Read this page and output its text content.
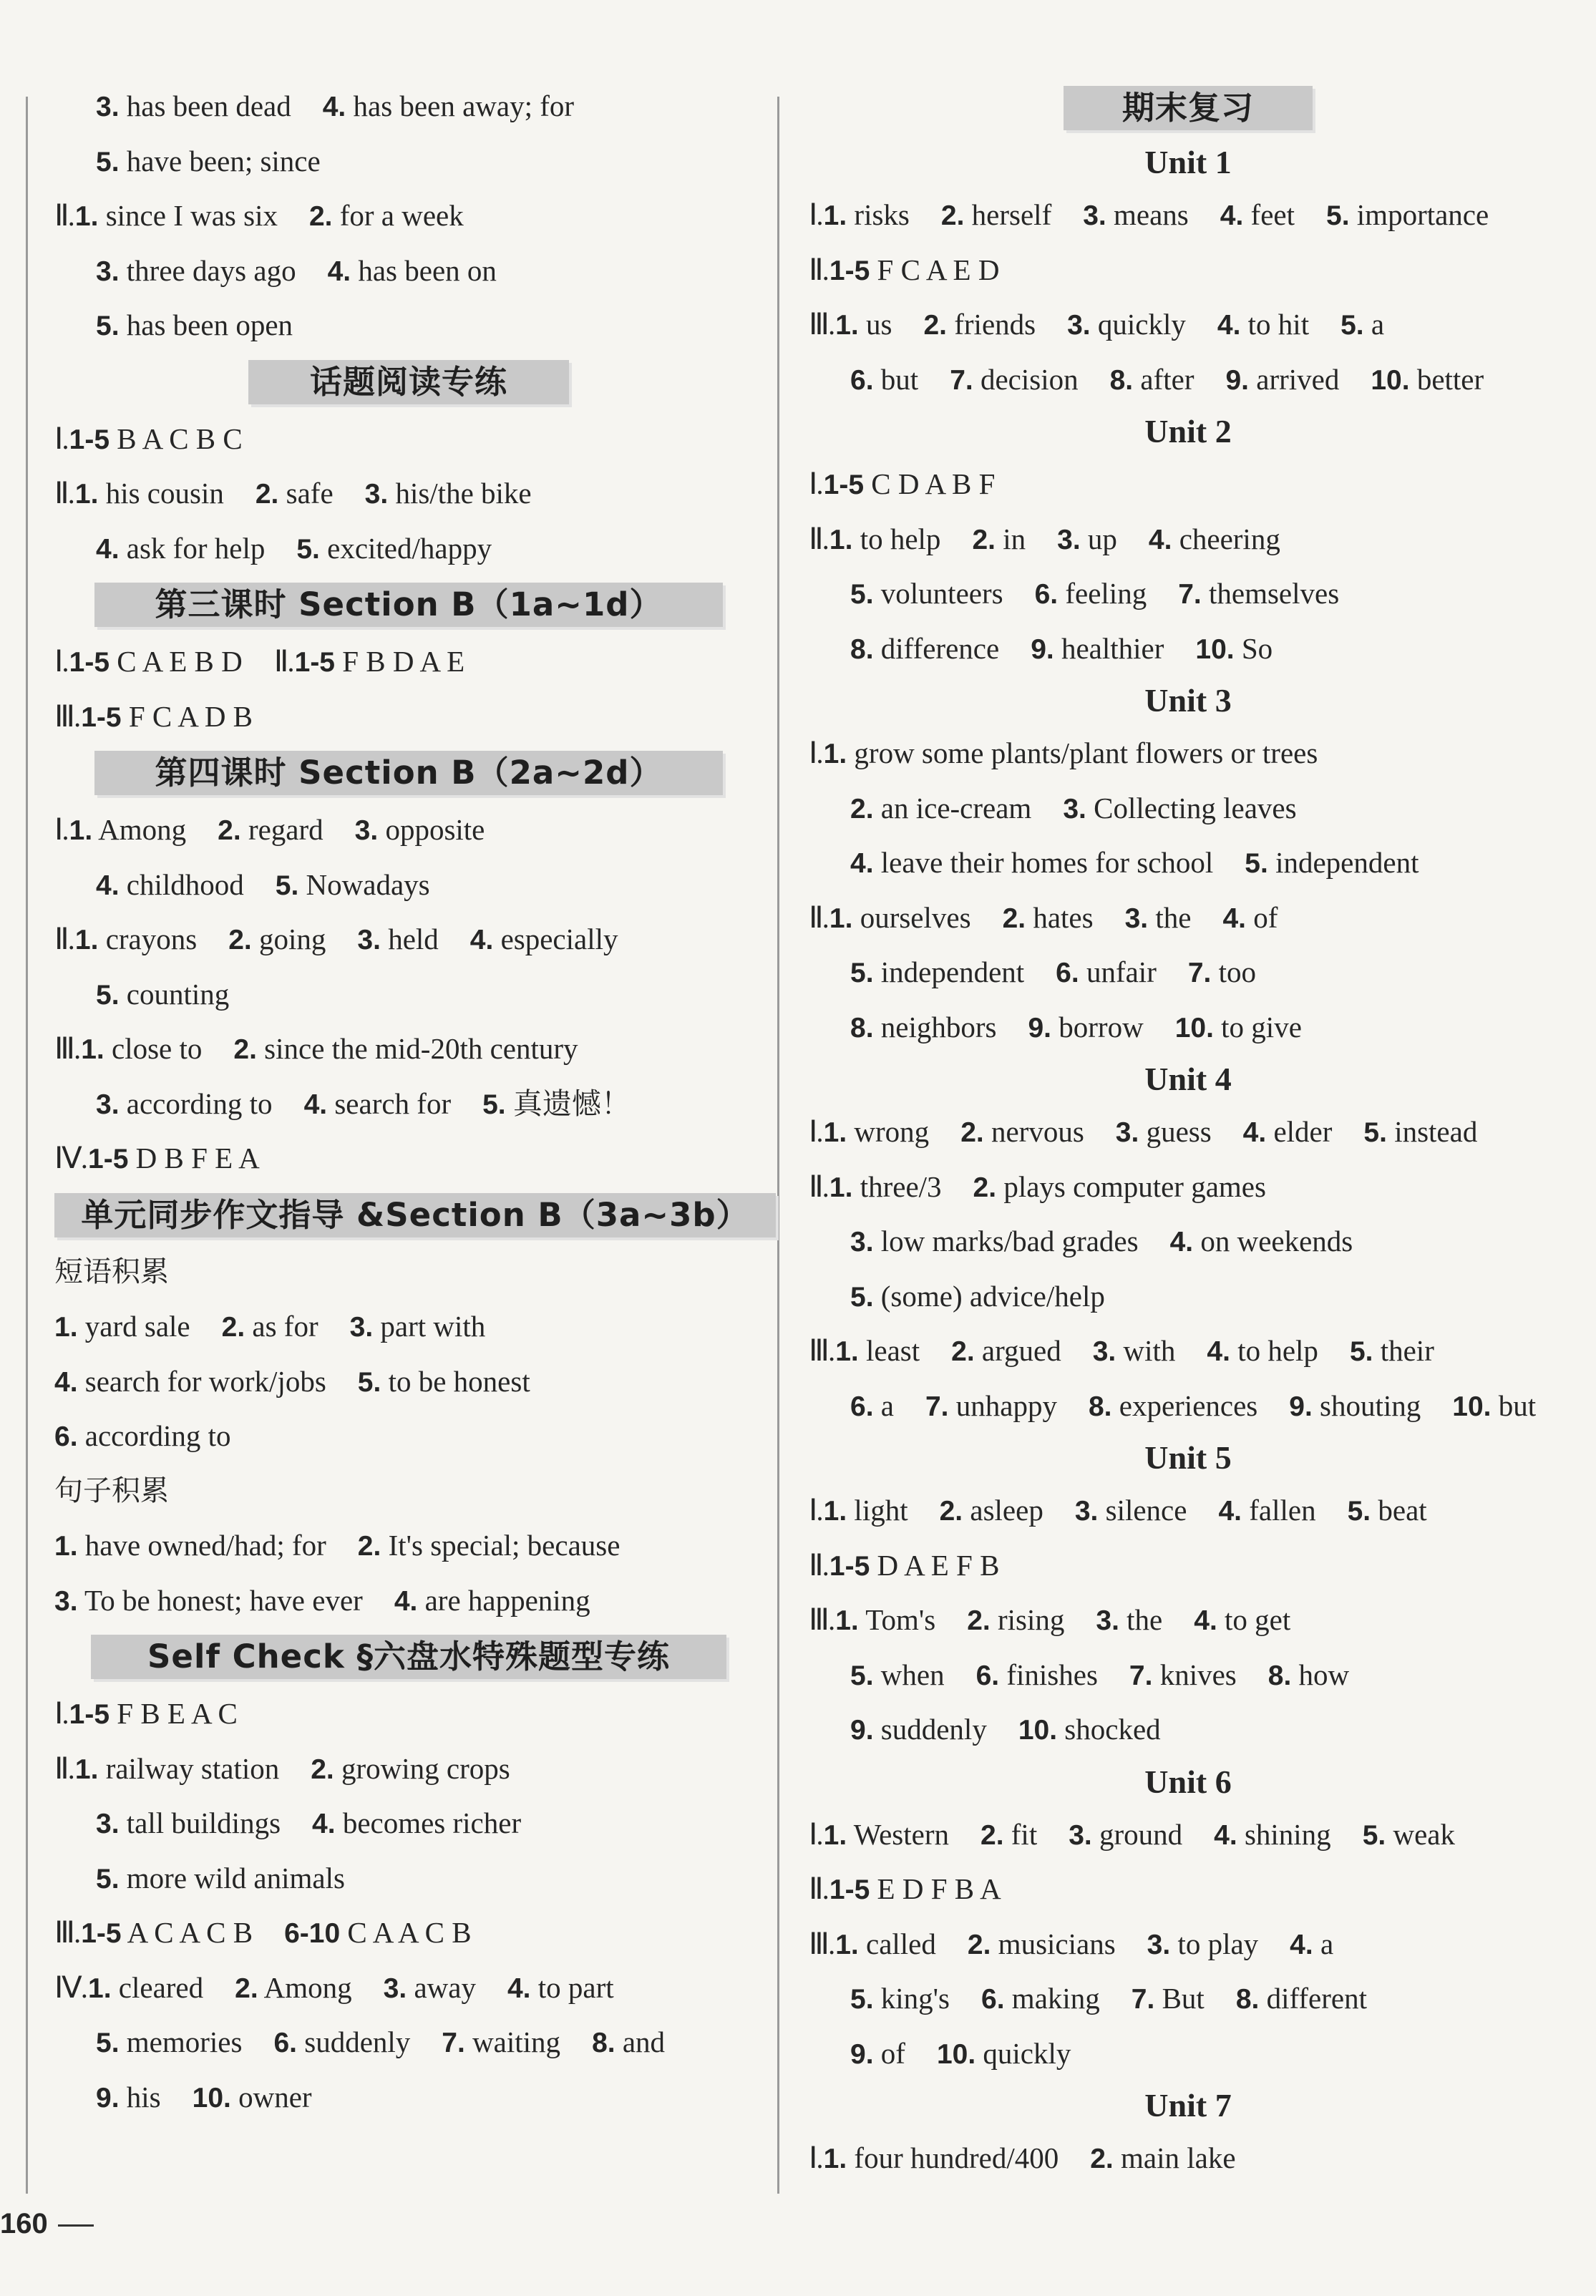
3. has been dead 4. has been away; for
5. have been; since
Ⅱ.1. since I was six 2. for a week
3. three days ago 4. has been on
5. has been open
话题阅读专练
Ⅰ.1-5 B A C B C
Ⅱ.1. his cousin 2. safe 3. his/the bike
4. ask for help 5. excited/happy
第三课时 Section B（1a~1d）
Ⅰ.1-5 C A E B D Ⅱ.1-5 F B D A E
Ⅲ.1-5 F C A D B
第四课时 Section B（2a~2d）
Ⅰ.1. Among 2. regard 3. opposite
4. childhood 5. Nowadays
Ⅱ.1. crayons 2. going 3. held 4. especially
5. counting
Ⅲ.1. close to 2. since the mid-20th century
3. according to 4. search for 5. 真遗憾！
Ⅳ.1-5 D B F E A
单元同步作文指导 &Section B（3a~3b）
短语积累
1. yard sale 2. as for 3. part with
4. search for work/jobs 5. to be honest
6. according to
句子积累
1. have owned/had; for 2. It's special; because
3. To be honest; have ever 4. are happening
Self Check §六盘水特殊题型专练
Ⅰ.1-5 F B E A C
Ⅱ.1. railway station 2. growing crops
3. tall buildings 4. becomes richer
5. more wild animals
Ⅲ.1-5 A C A C B 6-10 C A A C B
Ⅳ.1. cleared 2. Among 3. away 4. to part
5. memories 6. suddenly 7. waiting 8. and
9. his 10. owner
期末复习
Unit 1
Ⅰ.1. risks 2. herself 3. means 4. feet 5. importance
Ⅱ.1-5 F C A E D
Ⅲ.1. us 2. friends 3. quickly 4. to hit 5. a
6. but 7. decision 8. after 9. arrived 10. better
Unit 2
Ⅰ.1-5 C D A B F
Ⅱ.1. to help 2. in 3. up 4. cheering
5. volunteers 6. feeling 7. themselves
8. difference 9. healthier 10. So
Unit 3
Ⅰ.1. grow some plants/plant flowers or trees
2. an ice-cream 3. Collecting leaves
4. leave their homes for school 5. independent
Ⅱ.1. ourselves 2. hates 3. the 4. of
5. independent 6. unfair 7. too
8. neighbors 9. borrow 10. to give
Unit 4
Ⅰ.1. wrong 2. nervous 3. guess 4. elder 5. instead
Ⅱ.1. three/3 2. plays computer games
3. low marks/bad grades 4. on weekends
5. (some) advice/help
Ⅲ.1. least 2. argued 3. with 4. to help 5. their
6. a 7. unhappy 8. experiences 9. shouting 10. but
Unit 5
Ⅰ.1. light 2. asleep 3. silence 4. fallen 5. beat
Ⅱ.1-5 D A E F B
Ⅲ.1. Tom's 2. rising 3. the 4. to get
5. when 6. finishes 7. knives 8. how
9. suddenly 10. shocked
Unit 6
Ⅰ.1. Western 2. fit 3. ground 4. shining 5. weak
Ⅱ.1-5 E D F B A
Ⅲ.1. called 2. musicians 3. to play 4. a
5. king's 6. making 7. But 8. different
9. of 10. quickly
Unit 7
Ⅰ.1. four hundred/400 2. main lake
160
